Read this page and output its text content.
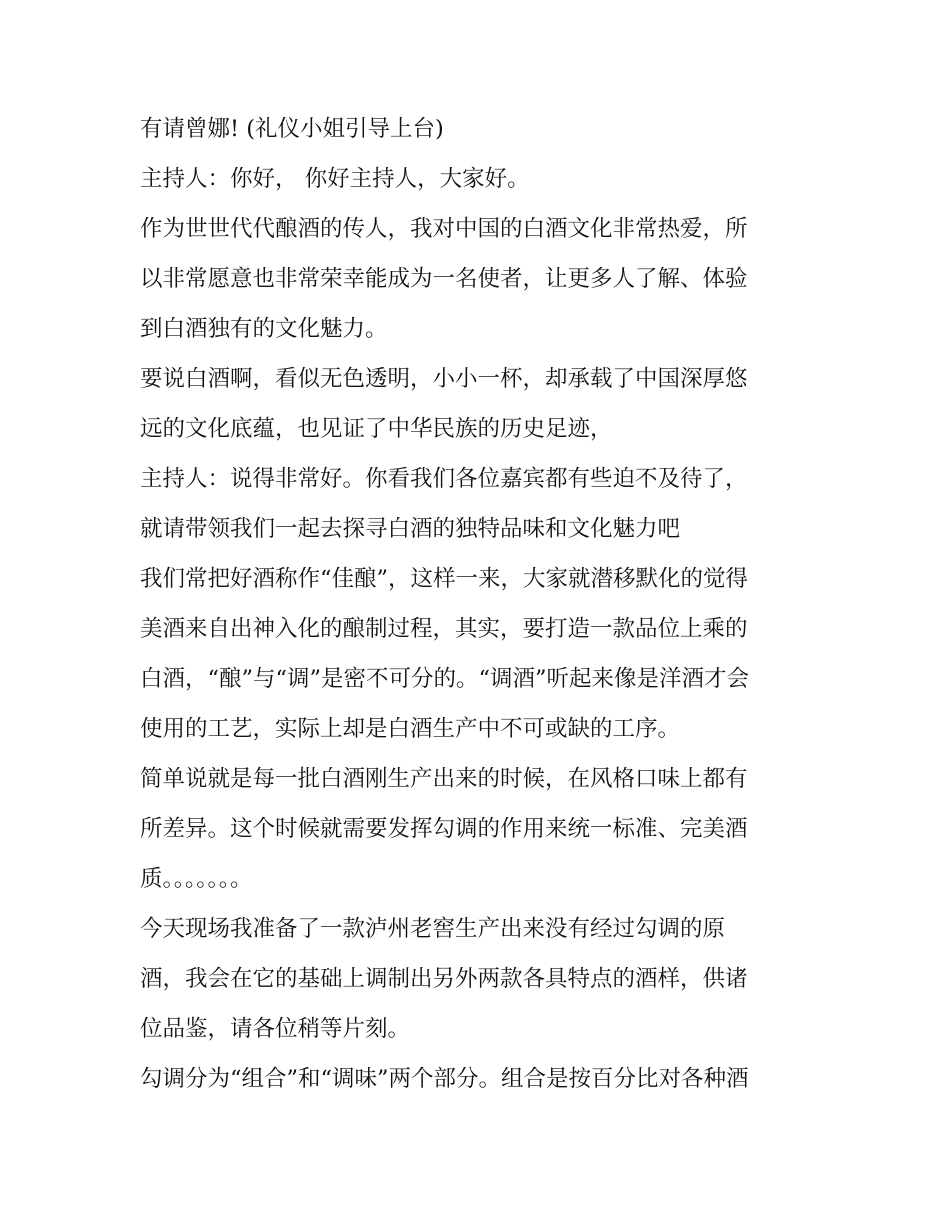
有请曾娜! (礼仪小姐引导上台)

主持人：你好， 你好主持人，大家好。

作为世世代代酿酒的传人，我对中国的白酒文化非常热爱，所

以非常愿意也非常荣幸能成为一名使者，让更多人了解、体验

到白酒独有的文化魅力。

要说白酒啊，看似无色透明，小小一杯，却承载了中国深厚悠

远的文化底蕴，也见证了中华民族的历史足迹，

主持人：说得非常好。你看我们各位嘉宾都有些迫不及待了，

就请带领我们一起去探寻白酒的独特品味和文化魅力吧

我们常把好酒称作“佳酿”，这样一来，大家就潜移默化的觉得

美酒来自出神入化的酿制过程，其实，要打造一款品位上乘的

白酒，“酿”与“调”是密不可分的。“调酒”听起来像是洋酒才会

使用的工艺，实际上却是白酒生产中不可或缺的工序。

简单说就是每一批白酒刚生产出来的时候，在风格口味上都有

所差异。这个时候就需要发挥勾调的作用来统一标准、完美酒

质。。。。。。。

今天现场我准备了一款泸州老窖生产出来没有经过勾调的原

酒，我会在它的基础上调制出另外两款各具特点的酒样，供诸

位品鉴，请各位稍等片刻。

勾调分为“组合”和“调味”两个部分。组合是按百分比对各种酒
